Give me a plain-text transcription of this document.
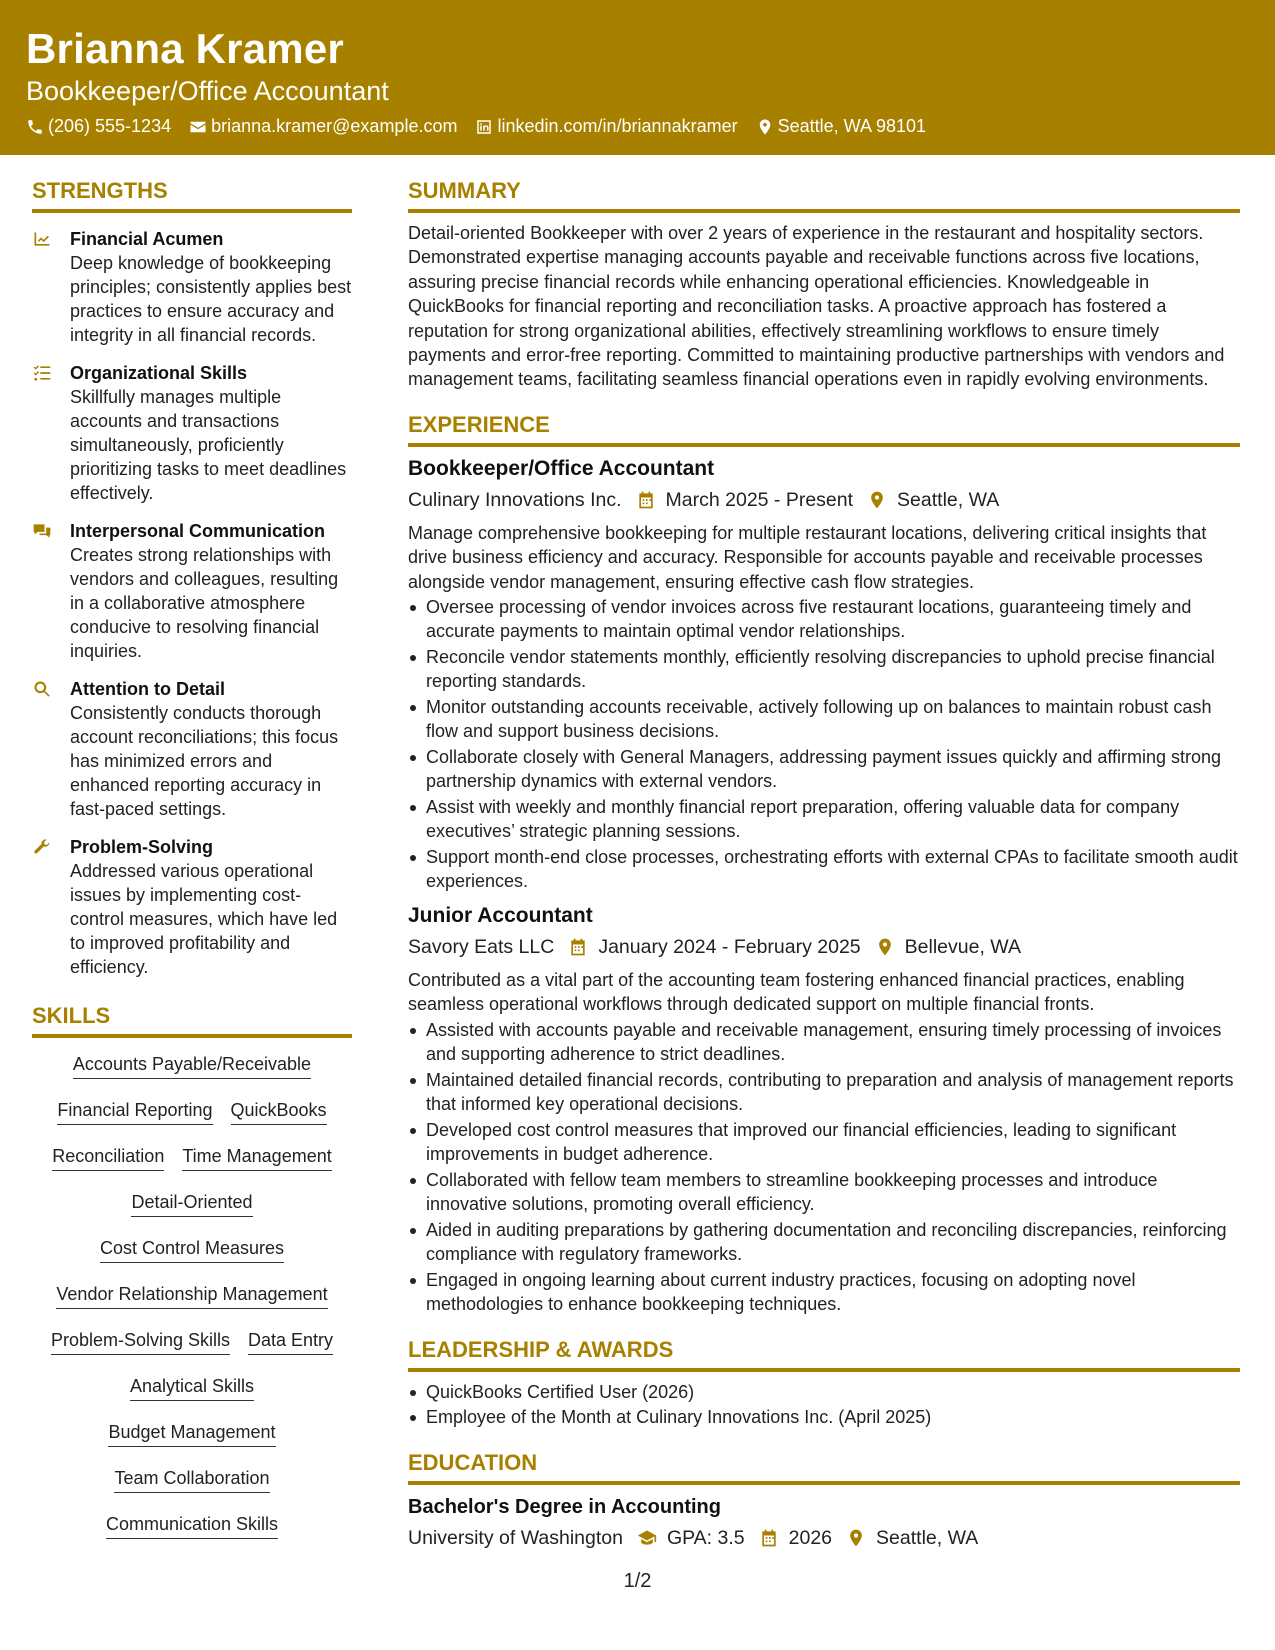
Brianna Kramer
Bookkeeper/Office Accountant
(206) 555-1234 brianna.kramer@example.com linkedin.com/in/briannakramer Seattle, WA 98101
STRENGTHS
Financial Acumen
Deep knowledge of bookkeeping principles; consistently applies best practices to ensure accuracy and integrity in all financial records.
Organizational Skills
Skillfully manages multiple accounts and transactions simultaneously, proficiently prioritizing tasks to meet deadlines effectively.
Interpersonal Communication
Creates strong relationships with vendors and colleagues, resulting in a collaborative atmosphere conducive to resolving financial inquiries.
Attention to Detail
Consistently conducts thorough account reconciliations; this focus has minimized errors and enhanced reporting accuracy in fast-paced settings.
Problem-Solving
Addressed various operational issues by implementing cost-control measures, which have led to improved profitability and efficiency.
SKILLS
Accounts Payable/Receivable
Financial Reporting QuickBooks
Reconciliation Time Management
Detail-Oriented
Cost Control Measures
Vendor Relationship Management
Problem-Solving Skills Data Entry
Analytical Skills
Budget Management
Team Collaboration
Communication Skills
SUMMARY
Detail-oriented Bookkeeper with over 2 years of experience in the restaurant and hospitality sectors. Demonstrated expertise managing accounts payable and receivable functions across five locations, assuring precise financial records while enhancing operational efficiencies. Knowledgeable in QuickBooks for financial reporting and reconciliation tasks. A proactive approach has fostered a reputation for strong organizational abilities, effectively streamlining workflows to ensure timely payments and error-free reporting. Committed to maintaining productive partnerships with vendors and management teams, facilitating seamless financial operations even in rapidly evolving environments.
EXPERIENCE
Bookkeeper/Office Accountant
Culinary Innovations Inc. March 2025 - Present Seattle, WA
Manage comprehensive bookkeeping for multiple restaurant locations, delivering critical insights that drive business efficiency and accuracy. Responsible for accounts payable and receivable processes alongside vendor management, ensuring effective cash flow strategies.
Oversee processing of vendor invoices across five restaurant locations, guaranteeing timely and accurate payments to maintain optimal vendor relationships.
Reconcile vendor statements monthly, efficiently resolving discrepancies to uphold precise financial reporting standards.
Monitor outstanding accounts receivable, actively following up on balances to maintain robust cash flow and support business decisions.
Collaborate closely with General Managers, addressing payment issues quickly and affirming strong partnership dynamics with external vendors.
Assist with weekly and monthly financial report preparation, offering valuable data for company executives’ strategic planning sessions.
Support month-end close processes, orchestrating efforts with external CPAs to facilitate smooth audit experiences.
Junior Accountant
Savory Eats LLC January 2024 - February 2025 Bellevue, WA
Contributed as a vital part of the accounting team fostering enhanced financial practices, enabling seamless operational workflows through dedicated support on multiple financial fronts.
Assisted with accounts payable and receivable management, ensuring timely processing of invoices and supporting adherence to strict deadlines.
Maintained detailed financial records, contributing to preparation and analysis of management reports that informed key operational decisions.
Developed cost control measures that improved our financial efficiencies, leading to significant improvements in budget adherence.
Collaborated with fellow team members to streamline bookkeeping processes and introduce innovative solutions, promoting overall efficiency.
Aided in auditing preparations by gathering documentation and reconciling discrepancies, reinforcing compliance with regulatory frameworks.
Engaged in ongoing learning about current industry practices, focusing on adopting novel methodologies to enhance bookkeeping techniques.
LEADERSHIP & AWARDS
QuickBooks Certified User (2026)
Employee of the Month at Culinary Innovations Inc. (April 2025)
EDUCATION
Bachelor's Degree in Accounting
University of Washington GPA: 3.5 2026 Seattle, WA
1/2
